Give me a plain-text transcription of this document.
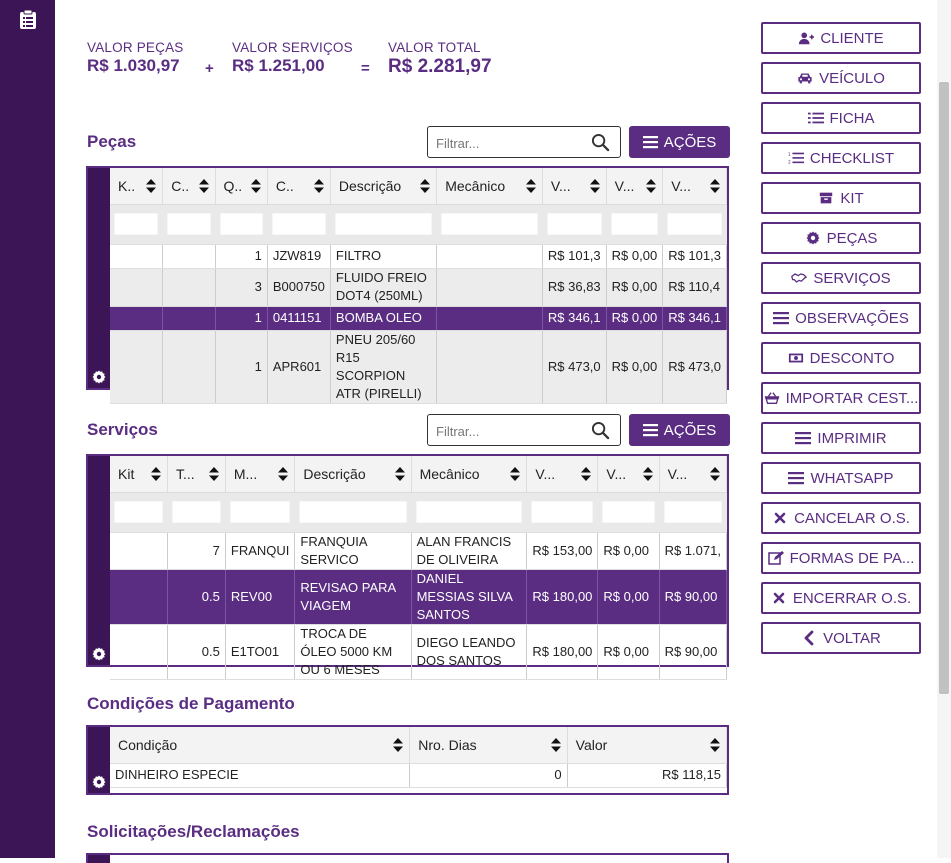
VALOR PEÇAS
R$ 1.030,97 +
VALOR SERVIÇOS
R$ 1.251,00	=
VALOR TOTAL
R$ 2.281,97
Peças
Filtrar...	AÇÕES
K..	C..	Q..	C..	Descrição	Mecânico	V...	V...	V...

		1	JZW819	FILTRO		R$ 101,3	R$ 0,00	R$ 101,3
		3	B000750	FLUIDO FREIO DOT4 (250ML)		R$ 36,83	R$ 0,00	R$ 110,4
		1	0411151	BOMBA OLEO		R$ 346,1	R$ 0,00	R$ 346,1
		1	APR601	PNEU 205/60 R15 SCORPION ATR (PIRELLI)		R$ 473,0	R$ 0,00	R$ 473,0
Serviços
Filtrar...	AÇÕES
Kit	T...	M...	Descrição	Mecânico	V...	V...	V...

	7	FRANQUI	FRANQUIA SERVICO	ALAN FRANCIS DE OLIVEIRA	R$ 153,00	R$ 0,00	R$ 1.071,
	0.5	REV00	REVISAO PARA VIAGEM	DANIEL MESSIAS SILVA SANTOS	R$ 180,00	R$ 0,00	R$ 90,00
	0.5	E1TO01	TROCA DE ÓLEO 5000 KM OU 6 MESES	DIEGO LEANDO DOS SANTOS	R$ 180,00	R$ 0,00	R$ 90,00
Condições de Pagamento
Condição	Nro. Dias	Valor

DINHEIRO ESPECIE	0	R$ 118,15
Solicitações/Reclamações
CLIENTE
VEÍCULO
FICHA
1
2 CHECKLIST
KIT
PEÇAS
SERVIÇOS
OBSERVAÇÕES
DESCONTO
IMPORTAR CEST...
IMPRIMIR
WHATSAPP
CANCELAR O.S.
FORMAS DE PA...
ENCERRAR O.S.
VOLTAR
